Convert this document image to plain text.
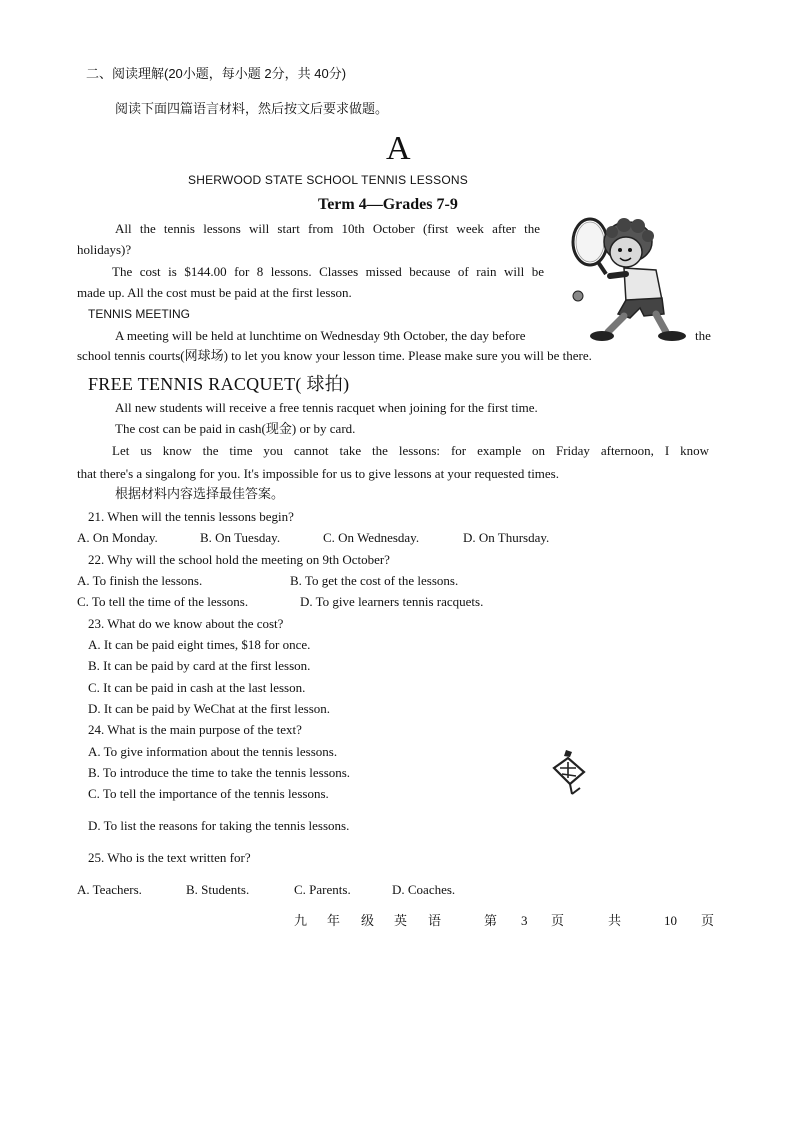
二、阅读理解(20小题，每小题 2分，共 40分)
阅读下面四篇语言材料，然后按文后要求做题。
A
SHERWOOD STATE SCHOOL TENNIS LESSONS
Term 4—Grades 7-9
All the tennis lessons will start from 10th October (first week after the
holidays)?
The cost is $144.00 for 8 lessons. Classes missed because of rain will be
made up. All the cost must be paid at the first lesson.
TENNIS MEETING
A meeting will be held at lunchtime on Wednesday 9th October, the day before	the
school tennis courts(网球场) to let you know your lesson time. Please make sure you will be there.
FREE TENNIS RACQUET( 球拍)
All new students will receive a free tennis racquet when joining for the first time.
The cost can be paid in cash(现金) or by card.
Let us know the time you cannot take the lessons: for example on Friday afternoon, I know
that there's a singalong for you. It's impossible for us to give lessons at your requested times.
根据材料内容选择最佳答案。
21. When will the tennis lessons begin?
A. On Monday.	B. On Tuesday.	C. On Wednesday.	D. On Thursday.
22. Why will the school hold the meeting on 9th October?
A. To finish the lessons.	B. To get the cost of the lessons.
C. To tell the time of the lessons.	D. To give learners tennis racquets.
23. What do we know about the cost?
A. It can be paid eight times, $18 for once.
B. It can be paid by card at the first lesson.
C. It can be paid in cash at the last lesson.
D. It can be paid by WeChat at the first lesson.
24. What is the main purpose of the text?
A. To give information about the tennis lessons.
B. To introduce the time to take the tennis lessons.
C. To tell the importance of the tennis lessons.
D. To list the reasons for taking the tennis lessons.
25. Who is the text written for?
A. Teachers.	B. Students.	C. Parents.	D. Coaches.
九 年 级 英 语	第 3 页	共	10 页
